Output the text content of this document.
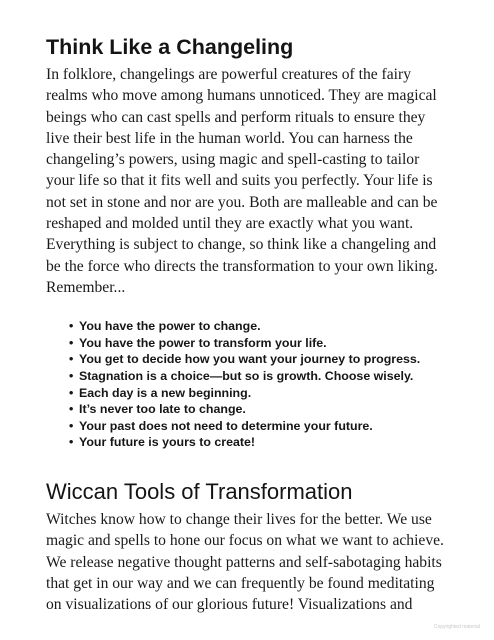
Think Like a Changeling

In folklore, changelings are powerful creatures of the fairy
realms who move among humans unnoticed. They are magical
beings who can cast spells and perform rituals to ensure they
live their best life in the human world. You can harness the
changeling’s powers, using magic and spell-casting to tailor
your life so that it fits well and suits you perfectly. Your life is
not set in stone and nor are you. Both are malleable and can be
reshaped and molded until they are exactly what you want.
Everything is subject to change, so think like a changeling and
be the force who directs the transformation to your own liking.
Remember...

• You have the power to change.
• You have the power to transform your life.
• You get to decide how you want your journey to progress.
• Stagnation is a choice—but so is growth. Choose wisely.
• Each day is a new beginning.
• It’s never too late to change.
• Your past does not need to determine your future.
• Your future is yours to create!
Wiccan Tools of Transformation

Witches know how to change their lives for the better. We use
magic and spells to hone our focus on what we want to achieve.
We release negative thought patterns and self-sabotaging habits
that get in our way and we can frequently be found meditating
on visualizations of our glorious future! Visualizations and

Copyrighted material
